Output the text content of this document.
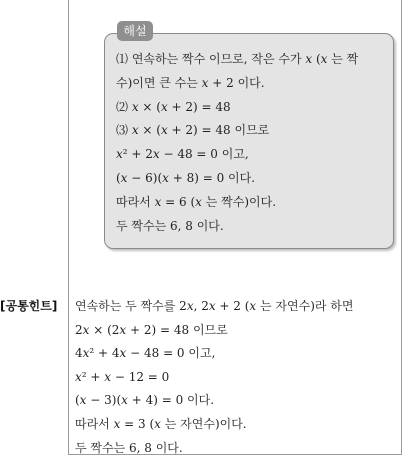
해설
⑴ 연속하는 짝수 이므로, 작은 수가 𝑥 (𝑥 는 짝
수)이면 큰 수는 𝑥 + 2 이다.
⑵ 𝑥 × (𝑥 + 2) = 48
⑶ 𝑥 × (𝑥 + 2) = 48 이므로
𝑥² + 2𝑥 − 48 = 0 이고,
(𝑥 − 6)(𝑥 + 8) = 0 이다.
따라서 𝑥 = 6 (𝑥 는 짝수)이다.
두 짝수는 6, 8 이다.
[공통힌트] 연속하는 두 짝수를 2𝑥, 2𝑥 + 2 (𝑥 는 자연수)라 하면
2𝑥 × (2𝑥 + 2) = 48 이므로
4𝑥² + 4𝑥 − 48 = 0 이고,
𝑥² + 𝑥 − 12 = 0
(𝑥 − 3)(𝑥 + 4) = 0 이다.
따라서 𝑥 = 3 (𝑥 는 자연수)이다.
두 짝수는 6, 8 이다.
